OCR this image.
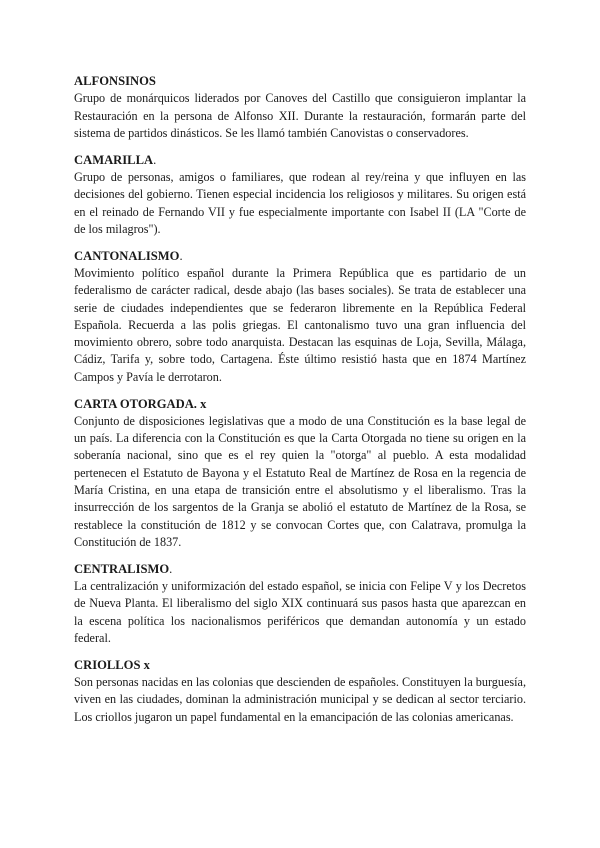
ALFONSINOS

Grupo de monárquicos liderados por Canoves del Castillo que consiguieron implantar la Restauración en la persona de Alfonso XII. Durante la restauración, formarán parte del sistema de partidos dinásticos. Se les llamó también Canovistas o conservadores.

CAMARILLA.

Grupo de personas, amigos o familiares, que rodean al rey/reina y que influyen en las decisiones del gobierno. Tienen especial incidencia los religiosos y militares. Su origen está en el reinado de Fernando VII y fue especialmente importante con Isabel II (LA "Corte de de los milagros").

CANTONALISMO.

Movimiento político español durante la Primera República que es partidario de un federalismo de carácter radical, desde abajo (las bases sociales). Se trata de establecer una serie de ciudades independientes que se federaron libremente en la República Federal Española. Recuerda a las polis griegas. El cantonalismo tuvo una gran influencia del movimiento obrero, sobre todo anarquista. Destacan las esquinas de Loja, Sevilla, Málaga, Cádiz, Tarifa y, sobre todo, Cartagena. Éste último resistió hasta que en 1874 Martínez Campos y Pavía le derrotaron.

CARTA OTORGADA. x

Conjunto de disposiciones legislativas que a modo de una Constitución es la base legal de un país. La diferencia con la Constitución es que la Carta Otorgada no tiene su origen en la soberanía nacional, sino que es el rey quien la "otorga" al pueblo. A esta modalidad pertenecen el Estatuto de Bayona y el Estatuto Real de Martínez de Rosa en la regencia de María Cristina, en una etapa de transición entre el absolutismo y el liberalismo. Tras la insurrección de los sargentos de la Granja se abolió el estatuto de Martínez de la Rosa, se restablece la constitución de 1812 y se convocan Cortes que, con Calatrava, promulga la Constitución de 1837.

CENTRALISMO.

La centralización y uniformización del estado español, se inicia con Felipe V y los Decretos de Nueva Planta. El liberalismo del siglo XIX continuará sus pasos hasta que aparezcan en la escena política los nacionalismos periféricos que demandan autonomía y un estado federal.

CRIOLLOS x

Son personas nacidas en las colonias que descienden de españoles. Constituyen la burguesía, viven en las ciudades, dominan la administración municipal y se dedican al sector terciario. Los criollos jugaron un papel fundamental en la emancipación de las colonias americanas.
